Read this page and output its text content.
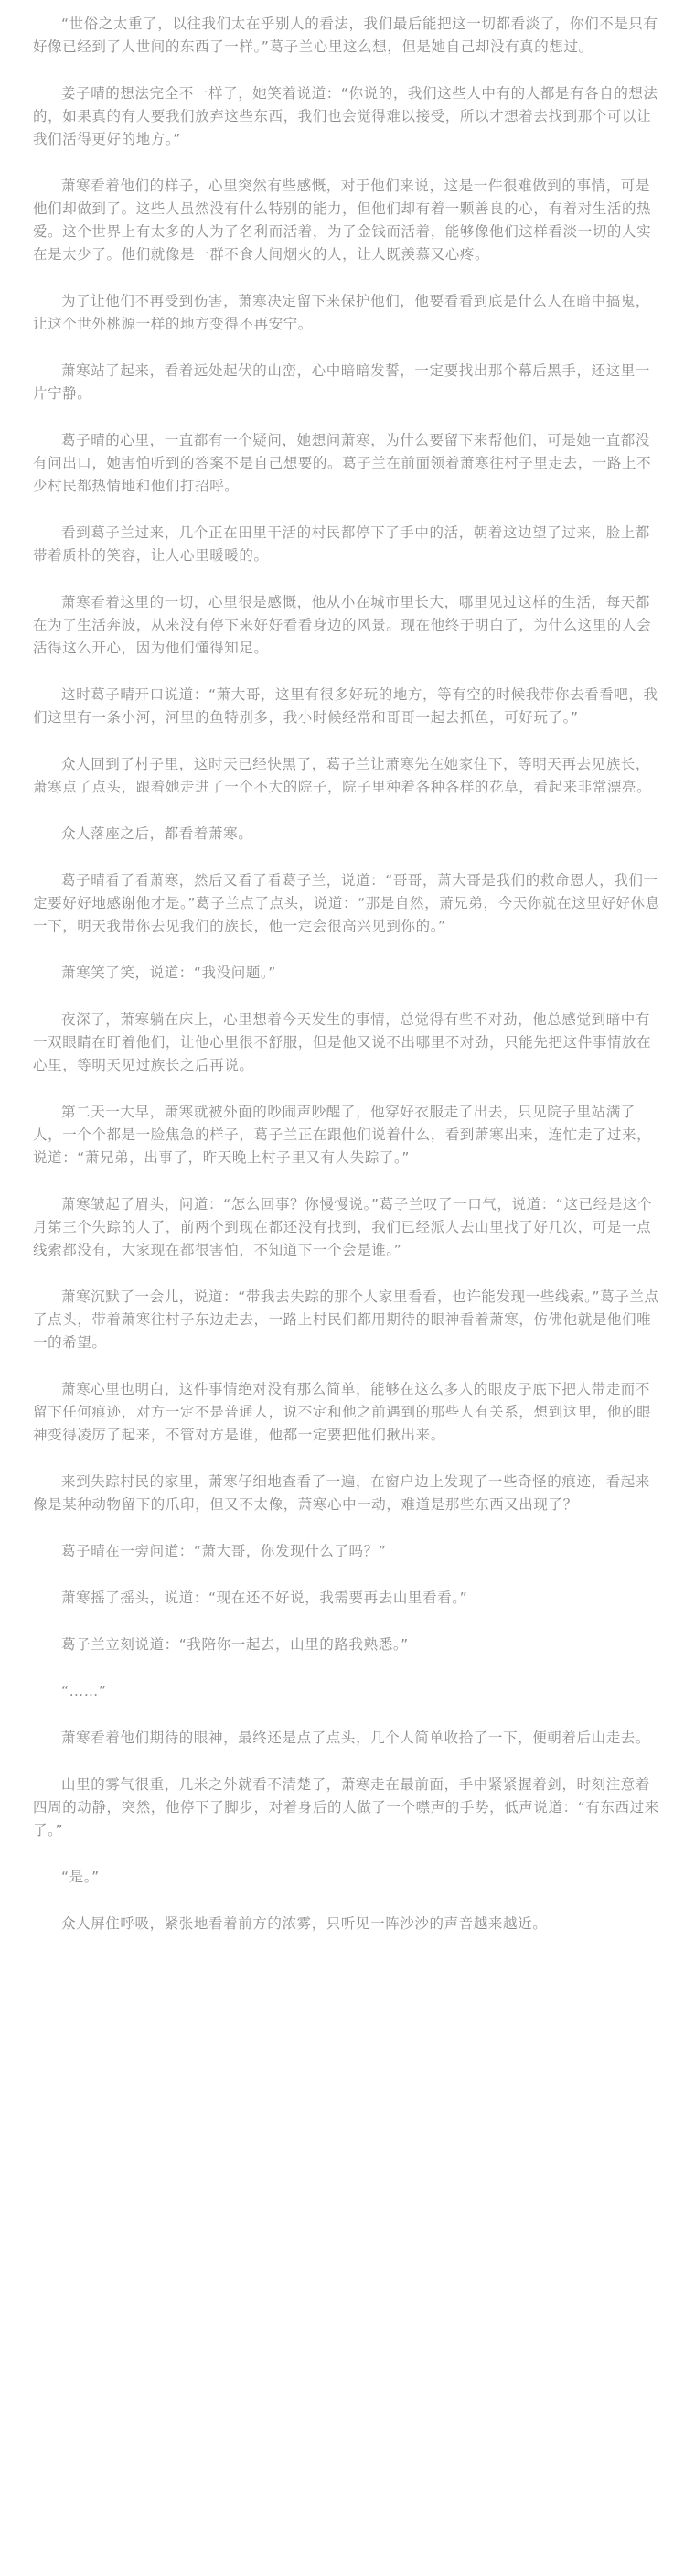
“世俗之太重了，以往我们太在乎别人的看法，我们最后能把这一切都看淡了，你们不是只有好像已经到了人世间的东西了一样。”葛子兰心里这么想，但是她自己却没有真的想过。

姜子晴的想法完全不一样了，她笑着说道：“你说的，我们这些人中有的人都是有各自的想法的，如果真的有人要我们放弃这些东西，我们也会觉得难以接受，所以才想着去找到那个可以让我们活得更好的地方。”

萧寒看着他们的样子，心里突然有些感慨，对于他们来说，这是一件很难做到的事情，可是他们却做到了。这些人虽然没有什么特别的能力，但他们却有着一颗善良的心，有着对生活的热爱。这个世界上有太多的人为了名利而活着，为了金钱而活着，能够像他们这样看淡一切的人实在是太少了。他们就像是一群不食人间烟火的人，让人既羡慕又心疼。

为了让他们不再受到伤害，萧寒决定留下来保护他们，他要看看到底是什么人在暗中搞鬼，让这个世外桃源一样的地方变得不再安宁。

萧寒站了起来，看着远处起伏的山峦，心中暗暗发誓，一定要找出那个幕后黑手，还这里一片宁静。

葛子晴的心里，一直都有一个疑问，她想问萧寒，为什么要留下来帮他们，可是她一直都没有问出口，她害怕听到的答案不是自己想要的。葛子兰在前面领着萧寒往村子里走去，一路上不少村民都热情地和他们打招呼。

看到葛子兰过来，几个正在田里干活的村民都停下了手中的活，朝着这边望了过来，脸上都带着质朴的笑容，让人心里暖暖的。

萧寒看着这里的一切，心里很是感慨，他从小在城市里长大，哪里见过这样的生活，每天都在为了生活奔波，从来没有停下来好好看看身边的风景。现在他终于明白了，为什么这里的人会活得这么开心，因为他们懂得知足。

这时葛子晴开口说道：“萧大哥，这里有很多好玩的地方，等有空的时候我带你去看看吧，我们这里有一条小河，河里的鱼特别多，我小时候经常和哥哥一起去抓鱼，可好玩了。”

众人回到了村子里，这时天已经快黑了，葛子兰让萧寒先在她家住下，等明天再去见族长，萧寒点了点头，跟着她走进了一个不大的院子，院子里种着各种各样的花草，看起来非常漂亮。

众人落座之后，都看着萧寒。

葛子晴看了看萧寒，然后又看了看葛子兰，说道：“哥哥，萧大哥是我们的救命恩人，我们一定要好好地感谢他才是。”葛子兰点了点头，说道：“那是自然，萧兄弟，今天你就在这里好好休息一下，明天我带你去见我们的族长，他一定会很高兴见到你的。”

萧寒笑了笑，说道：“我没问题。”

夜深了，萧寒躺在床上，心里想着今天发生的事情，总觉得有些不对劲，他总感觉到暗中有一双眼睛在盯着他们，让他心里很不舒服，但是他又说不出哪里不对劲，只能先把这件事情放在心里，等明天见过族长之后再说。

第二天一大早，萧寒就被外面的吵闹声吵醒了，他穿好衣服走了出去，只见院子里站满了人，一个个都是一脸焦急的样子，葛子兰正在跟他们说着什么，看到萧寒出来，连忙走了过来，说道：“萧兄弟，出事了，昨天晚上村子里又有人失踪了。”

萧寒皱起了眉头，问道：“怎么回事？你慢慢说。”葛子兰叹了一口气，说道：“这已经是这个月第三个失踪的人了，前两个到现在都还没有找到，我们已经派人去山里找了好几次，可是一点线索都没有，大家现在都很害怕，不知道下一个会是谁。”

萧寒沉默了一会儿，说道：“带我去失踪的那个人家里看看，也许能发现一些线索。”葛子兰点了点头，带着萧寒往村子东边走去，一路上村民们都用期待的眼神看着萧寒，仿佛他就是他们唯一的希望。

萧寒心里也明白，这件事情绝对没有那么简单，能够在这么多人的眼皮子底下把人带走而不留下任何痕迹，对方一定不是普通人，说不定和他之前遇到的那些人有关系，想到这里，他的眼神变得凌厉了起来，不管对方是谁，他都一定要把他们揪出来。

来到失踪村民的家里，萧寒仔细地查看了一遍，在窗户边上发现了一些奇怪的痕迹，看起来像是某种动物留下的爪印，但又不太像，萧寒心中一动，难道是那些东西又出现了？

葛子晴在一旁问道：“萧大哥，你发现什么了吗？”

萧寒摇了摇头，说道：“现在还不好说，我需要再去山里看看。”

葛子兰立刻说道：“我陪你一起去，山里的路我熟悉。”

“……”

萧寒看着他们期待的眼神，最终还是点了点头，几个人简单收拾了一下，便朝着后山走去。

山里的雾气很重，几米之外就看不清楚了，萧寒走在最前面，手中紧紧握着剑，时刻注意着四周的动静，突然，他停下了脚步，对着身后的人做了一个噤声的手势，低声说道：“有东西过来了。”

“是。”

众人屏住呼吸，紧张地看着前方的浓雾，只听见一阵沙沙的声音越来越近。
